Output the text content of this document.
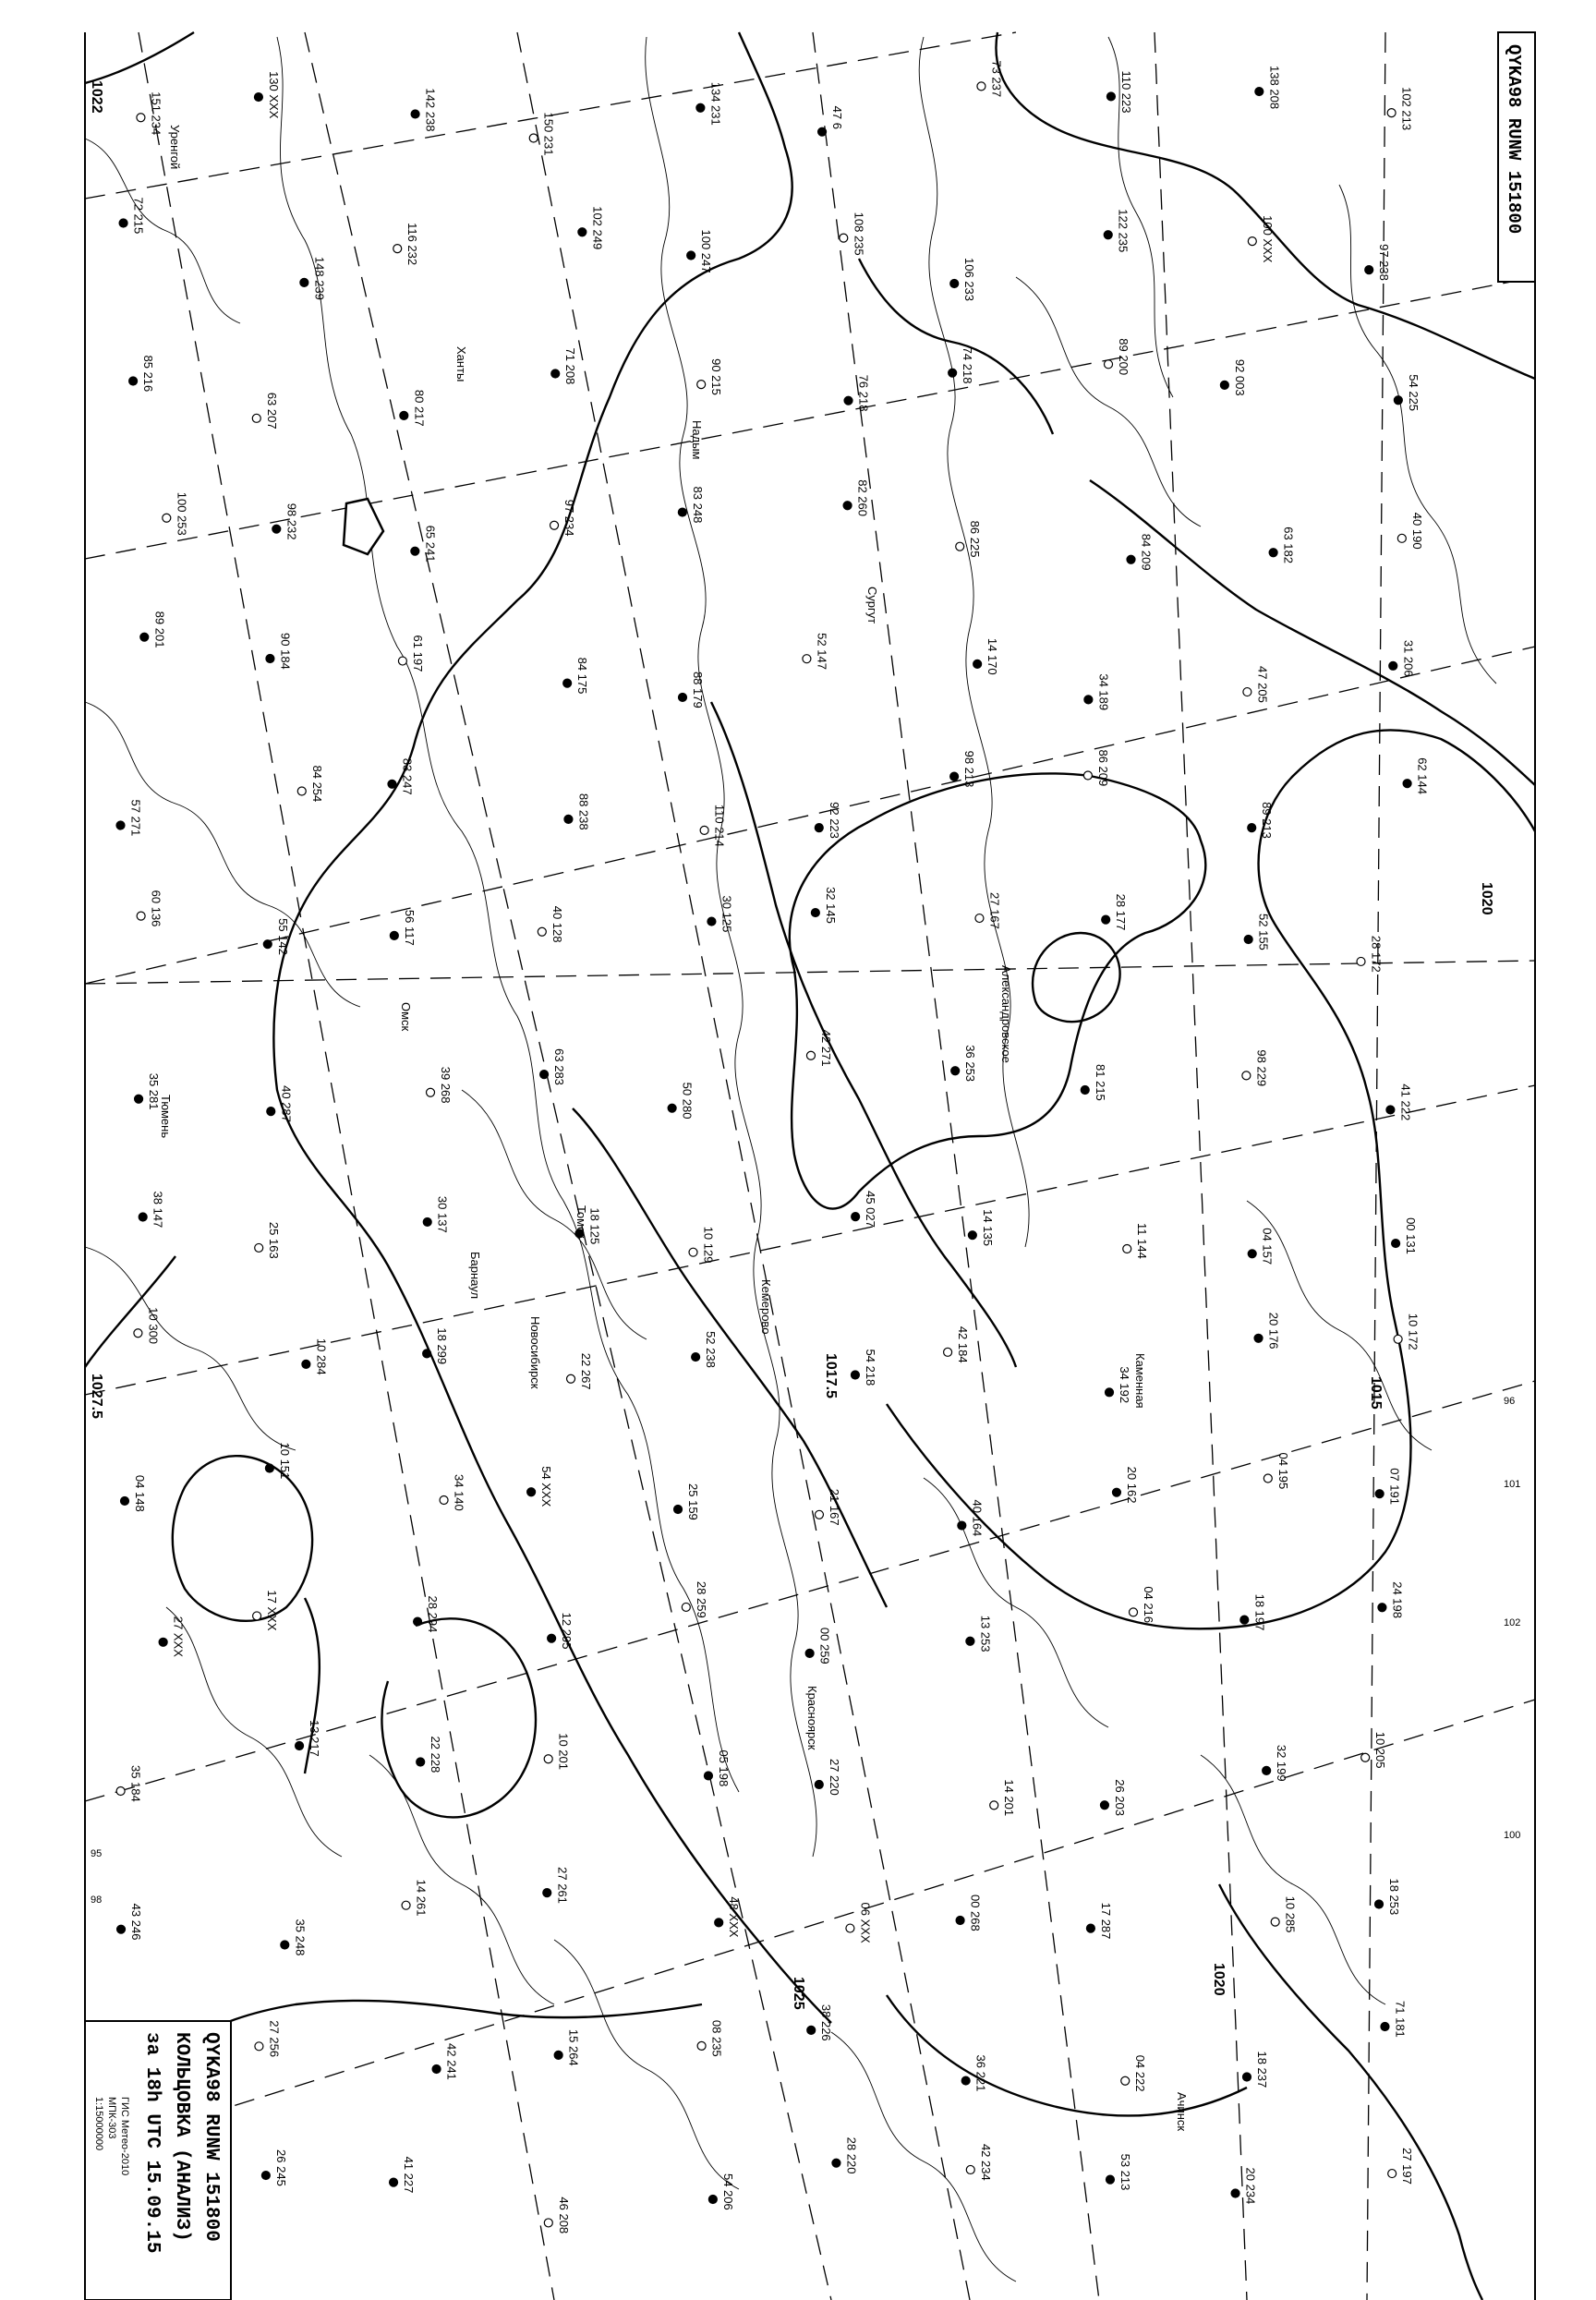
1022
1020
1017.5	1015
1025	1020
1027.5
151 234	130 XXX	142 238
150 231
134 231	47 6
73 237	110 223	138 208	102 213
72 215
148 239
116 232	102 249
100 247	108 235
106 233
122 235	100 XXX	97 238
85 216
63 207	80 217
71 208	90 215	76 218
74 218	89 200
92 003	54 225
100 253	98 232
65 241
97 234	83 248	82 260
86 225	84 209	63 182	40 190
89 201
90 184	61 197
84 175	88 179
52 147	14 170
34 189	47 205
31 206
57 271
84 254	83 247
88 238	110 214	92 223
98 213	86 209
89 213
62 144
60 136
55 142	56 117	40 128	30 125	32 145	27 167	28 177
52 155
28 172
35 281	40 287
39 268	63 283
50 280
42 271	36 253
81 215	98 229
41 222
38 147
25 163
30 137	18 125
10 129
45 027
14 135	11 144	04 157	00 131
10 300
10 284	18 299
22 267
52 238	54 218
42 184
34 192
20 176	10 172
04 148
10 151
34 140	54 XXX	25 159	21 167	40 164
20 162	04 195	07 191
27 XXX
17 XXX	28 294	12 295
28 259
00 259	13 253
04 216	18 197	24 198
35 184
13 217	22 228	10 201	05 198	27 220
14 201	26 203
32 199	10 205
43 246	35 248
14 261	27 261
48 XXX	06 XXX	00 268	17 287	10 285	18 253
27 256
42 241	15 264	08 235	38 226
36 221	04 222	18 237
71 181
26 245	41 227
46 208
54 206
28 220	42 234	53 213	20 234
27 197
Уренгой
Ханты
Сургут
Надым
Тюмень
Омск
Томск
Новосибирск
Барнаул
Кемерово
Красноярск
Александровское
Каменная
Ачинск
95
98
101
96
100
102
QYKA98 RUNW 151800
QYKA98 RUNW 151800
КОЛЬЦОВКА (АНАЛИЗ)
за 18h UTC 15.09.15
ГИС Метео-2010
МПК-303
1:15000000
